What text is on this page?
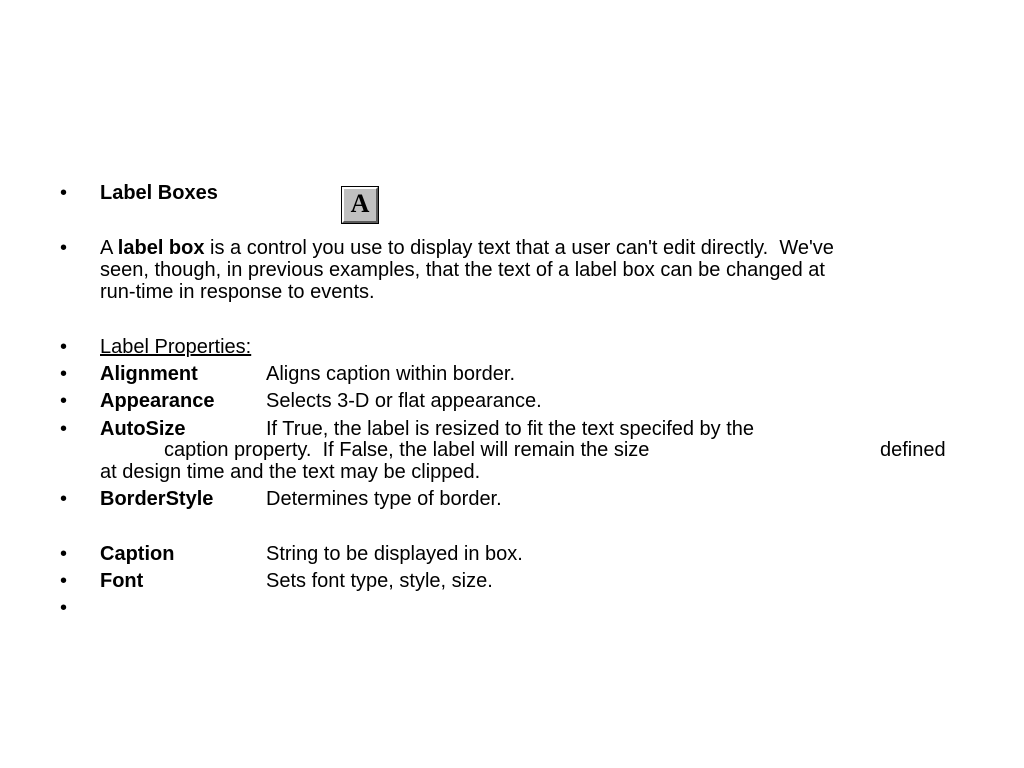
• Label Boxes	A
• A label box is a control you use to display text that a user can't edit directly.  We've
seen, though, in previous examples, that the text of a label box can be changed at
run-time in response to events.
• Label Properties:
• Alignment	Aligns caption within border.
• Appearance	Selects 3-D or flat appearance.
• AutoSize	If True, the label is resized to fit the text specifed by the
caption property.  If False, the label will remain the size	defined
at design time and the text may be clipped.
• BorderStyle	Determines type of border.
• Caption	String to be displayed in box.
• Font	Sets font type, style, size.
•
